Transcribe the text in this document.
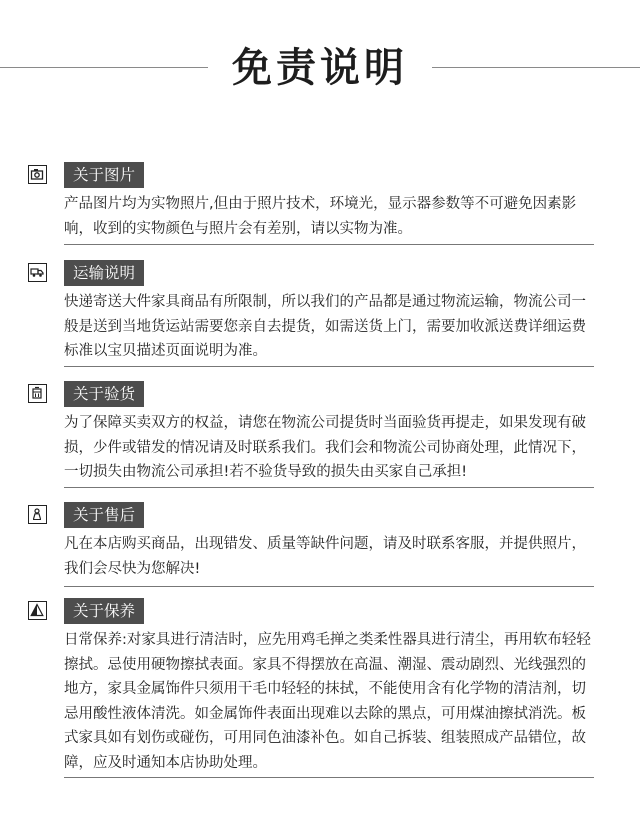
免责说明
关于图片
产品图片均为实物照片,但由于照片技术，环境光，显示器参数等不可避免因素影响，收到的实物颜色与照片会有差别，请以实物为准。
运输说明
快递寄送大件家具商品有所限制，所以我们的产品都是通过物流运输，物流公司一般是送到当地货运站需要您亲自去提货，如需送货上门，需要加收派送费详细运费标准以宝贝描述页面说明为准。
关于验货
为了保障买卖双方的权益，请您在物流公司提货时当面验货再提走，如果发现有破损，少件或错发的情况请及时联系我们。我们会和物流公司协商处理，此情况下，一切损失由物流公司承担!若不验货导致的损失由买家自己承担!
关于售后
凡在本店购买商品，出现错发、质量等缺件问题，请及时联系客服，并提供照片，我们会尽快为您解决!
关于保养
日常保养:对家具进行清洁时，应先用鸡毛掸之类柔性器具进行清尘，再用软布轻轻擦拭。忌使用硬物擦拭表面。家具不得摆放在高温、潮湿、震动剧烈、光线强烈的地方，家具金属饰件只须用干毛巾轻轻的抹拭，不能使用含有化学物的清洁剂，切忌用酸性液体清洗。如金属饰件表面出现难以去除的黑点，可用煤油擦拭消洗。板式家具如有划伤或碰伤，可用同色油漆补色。如自己拆装、组装照成产品错位，故障，应及时通知本店协助处理。
